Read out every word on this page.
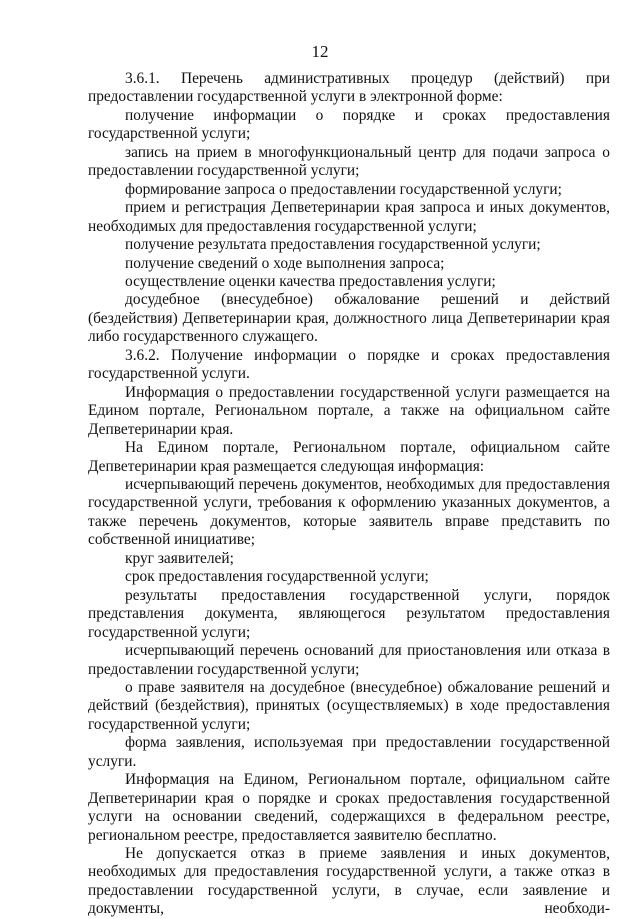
12

3.6.1. Перечень административных процедур (действий) при предоставлении государственной услуги в электронной форме:

получение информации о порядке и сроках предоставления государственной услуги;

запись на прием в многофункциональный центр для подачи запроса о предоставлении государственной услуги;

формирование запроса о предоставлении государственной услуги;

прием и регистрация Депветеринарии края запроса и иных документов, необходимых для предоставления государственной услуги;

получение результата предоставления государственной услуги;

получение сведений о ходе выполнения запроса;

осуществление оценки качества предоставления услуги;

досудебное (внесудебное) обжалование решений и действий (бездействия) Депветеринарии края, должностного лица Депветеринарии края либо государственного служащего.

3.6.2. Получение информации о порядке и сроках предоставления государственной услуги.

Информация о предоставлении государственной услуги размещается на Едином портале, Региональном портале, а также на официальном сайте Депветеринарии края.

На Едином портале, Региональном портале, официальном сайте Депветеринарии края размещается следующая информация:

исчерпывающий перечень документов, необходимых для предоставления государственной услуги, требования к оформлению указанных документов, а также перечень документов, которые заявитель вправе представить по собственной инициативе;

круг заявителей;

срок предоставления государственной услуги;

результаты предоставления государственной услуги, порядок представления документа, являющегося результатом предоставления государственной услуги;

исчерпывающий перечень оснований для приостановления или отказа в предоставлении государственной услуги;

о праве заявителя на досудебное (внесудебное) обжалование решений и действий (бездействия), принятых (осуществляемых) в ходе предоставления государственной услуги;

форма заявления, используемая при предоставлении государственной услуги.

Информация на Едином, Региональном портале, официальном сайте Депветеринарии края о порядке и сроках предоставления государственной услуги на основании сведений, содержащихся в федеральном реестре, региональном реестре, предоставляется заявителю бесплатно.

Не допускается отказ в приеме заявления и иных документов, необходимых для предоставления государственной услуги, а также отказ в предоставлении государственной услуги, в случае, если заявление и документы, необходи-
